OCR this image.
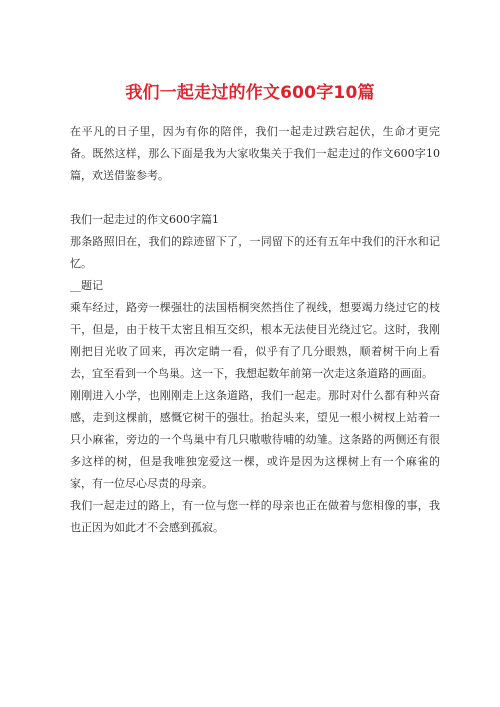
我们一起走过的作文600字10篇

在平凡的日子里，因为有你的陪伴，我们一起走过跌宕起伏，生命才更完备。既然这样，那么下面是我为大家收集关于我们一起走过的作文600字10篇，欢送借鉴参考。

我们一起走过的作文600字篇1

那条路照旧在，我们的踪迹留下了，一同留下的还有五年中我们的汗水和记忆。

__题记

乘车经过，路旁一棵强壮的法国梧桐突然挡住了视线，想要竭力绕过它的枝干，但是，由于枝干太密且相互交织，根本无法使目光绕过它。这时，我刚刚把目光收了回来，再次定睛一看，似乎有了几分眼熟，顺着树干向上看去，宜至看到一个鸟巢。这一下，我想起数年前第一次走这条道路的画面。

刚刚进入小学，也刚刚走上这条道路，我们一起走。那时对什么都有种兴奋感，走到这棵前，感慨它树干的强壮。抬起头来，望见一根小树杈上站着一只小麻雀，旁边的一个鸟巢中有几只嗷嗷待哺的幼雏。这条路的两侧还有很多这样的树，但是我唯独宠爱这一棵，或许是因为这棵树上有一个麻雀的家，有一位尽心尽责的母亲。

我们一起走过的路上，有一位与您一样的母亲也正在做着与您相像的事，我也正因为如此才不会感到孤寂。
